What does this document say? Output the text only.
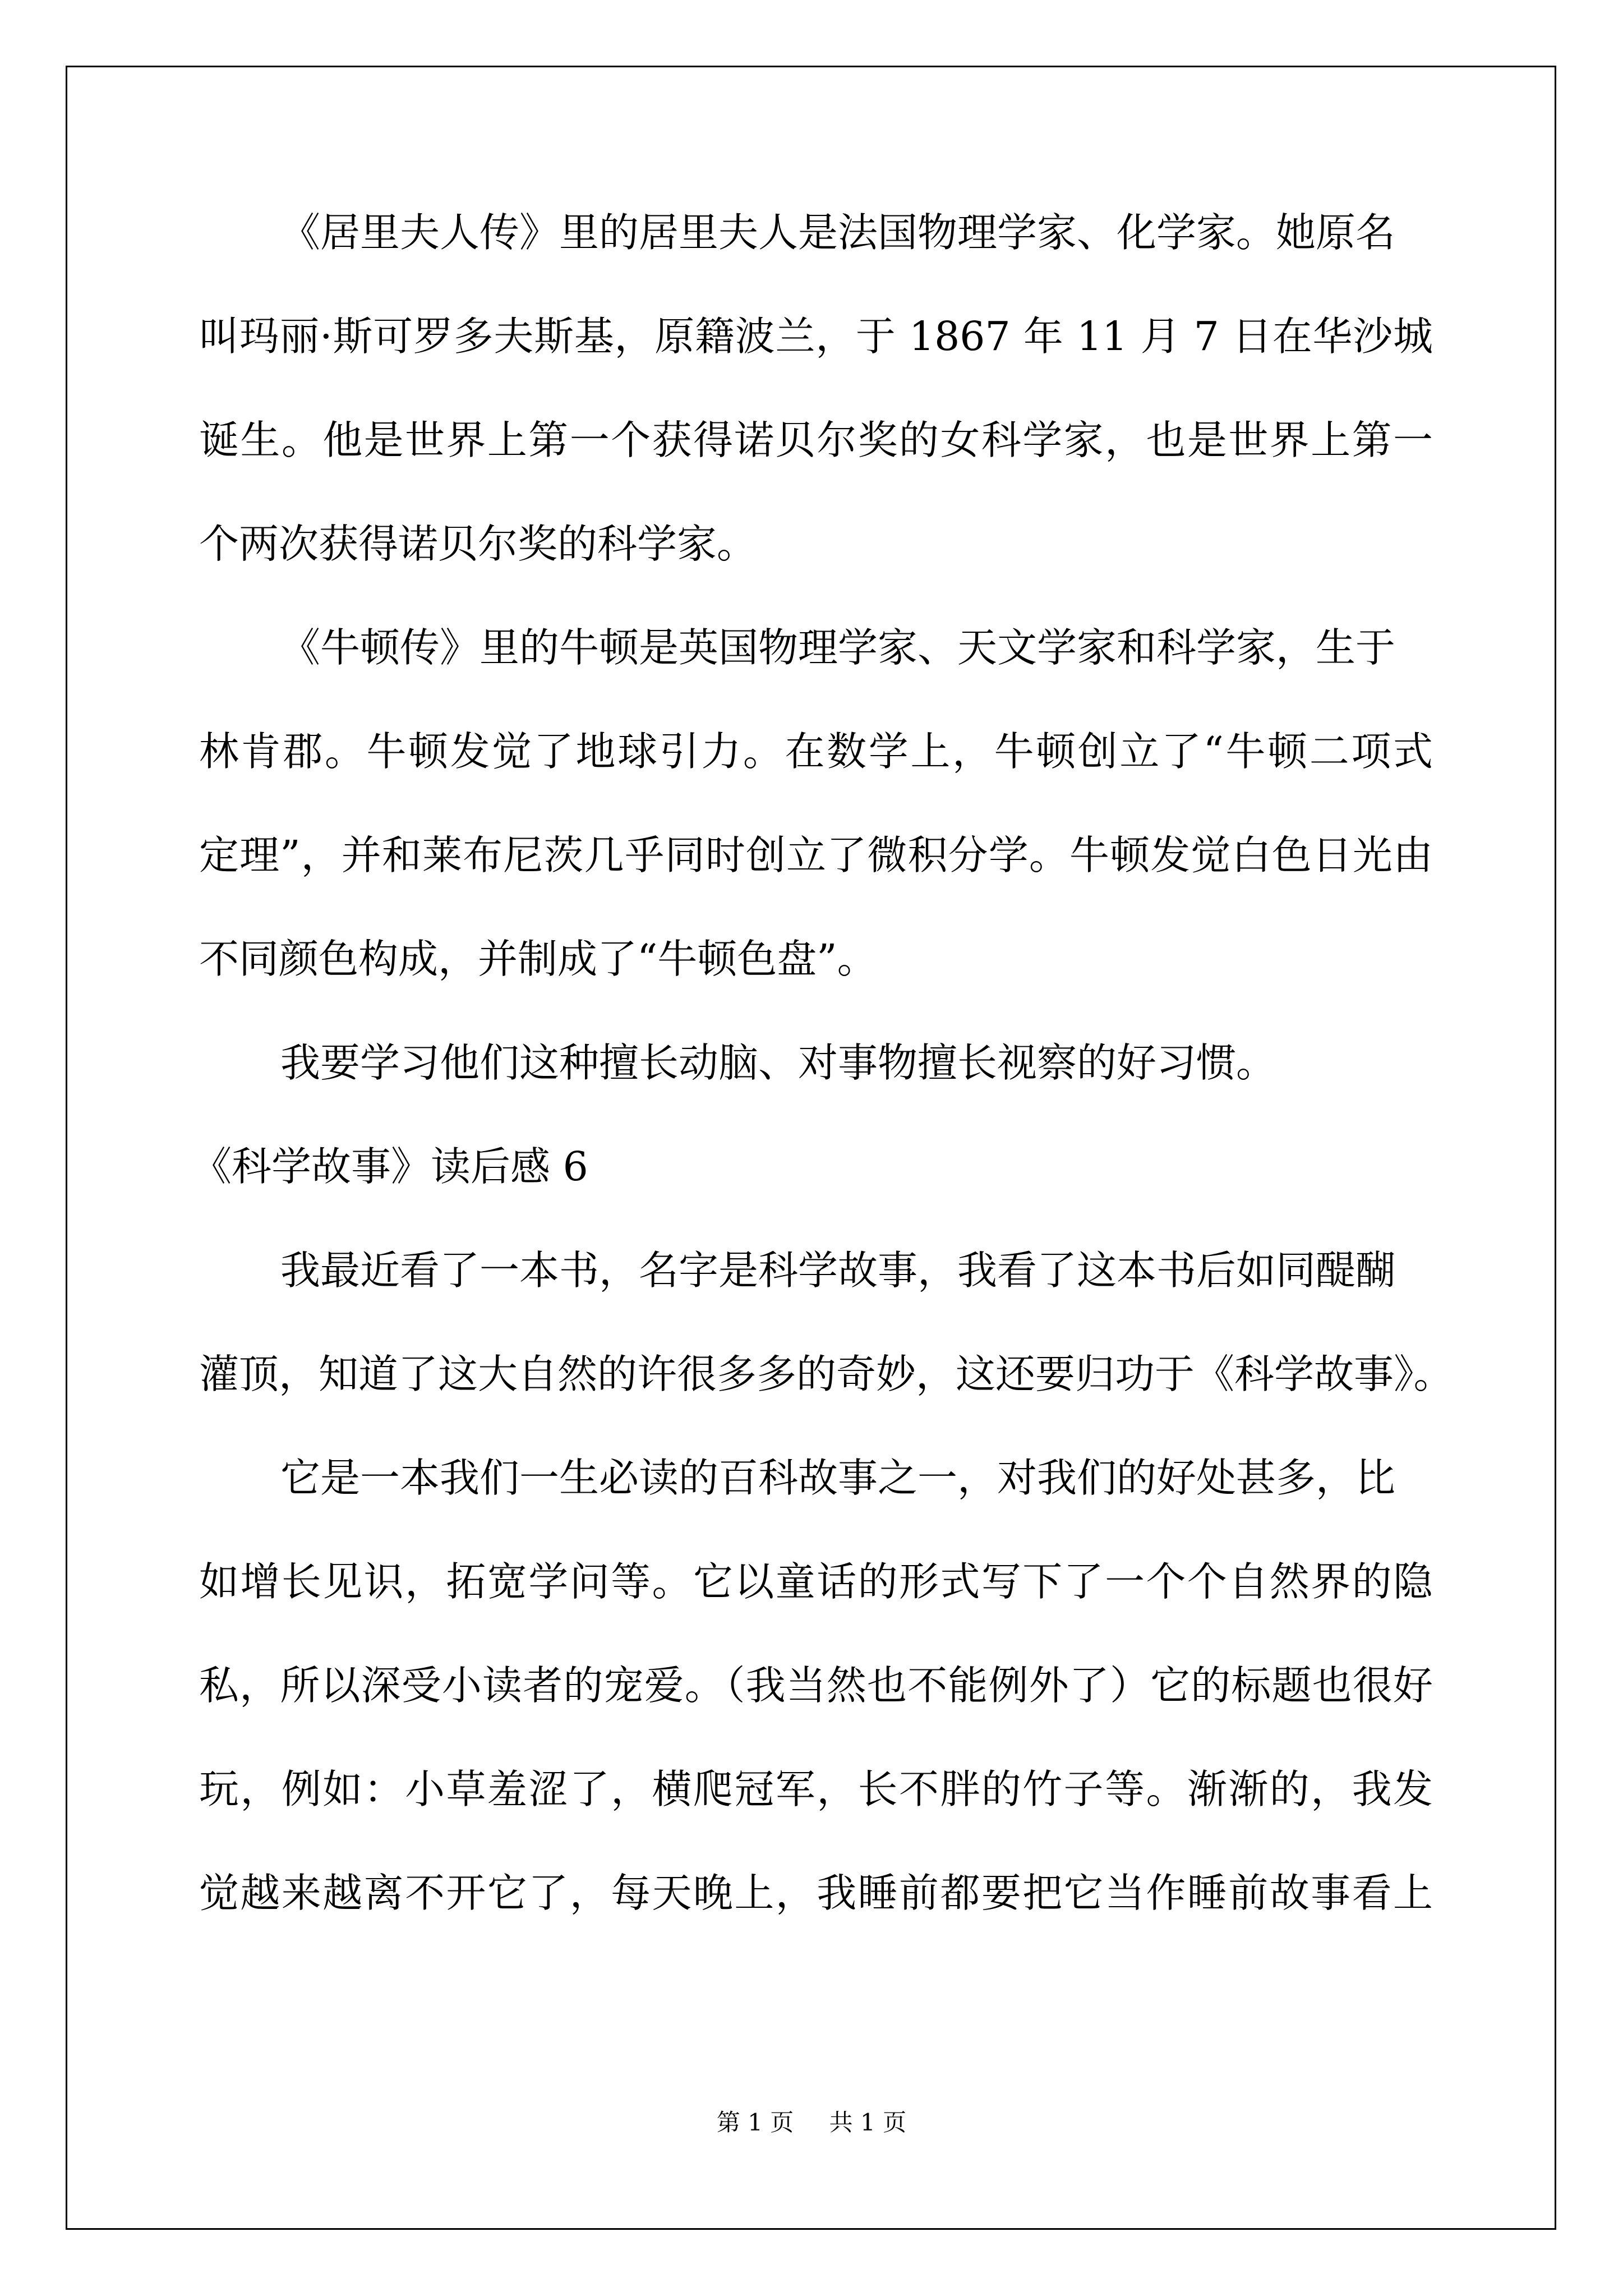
《居里夫人传》里的居里夫人是法国物理学家、化学家。她原名
叫玛丽·斯可罗多夫斯基，原籍波兰，于 1867 年 11 月 7 日在华沙城
诞生。他是世界上第一个获得诺贝尔奖的女科学家，也是世界上第一
个两次获得诺贝尔奖的科学家。
《牛顿传》里的牛顿是英国物理学家、天文学家和科学家，生于
林肯郡。牛顿发觉了地球引力。在数学上，牛顿创立了“牛顿二项式
定理”，并和莱布尼茨几乎同时创立了微积分学。牛顿发觉白色日光由
不同颜色构成，并制成了“牛顿色盘”。
我要学习他们这种擅长动脑、对事物擅长视察的好习惯。
《科学故事》读后感 6
我最近看了一本书，名字是科学故事，我看了这本书后如同醍醐
灌顶，知道了这大自然的许很多多的奇妙，这还要归功于《科学故事》。
它是一本我们一生必读的百科故事之一，对我们的好处甚多，比
如增长见识，拓宽学问等。它以童话的形式写下了一个个自然界的隐
私，所以深受小读者的宠爱。（我当然也不能例外了）它的标题也很好
玩，例如：小草羞涩了，横爬冠军，长不胖的竹子等。渐渐的，我发
觉越来越离不开它了，每天晚上，我睡前都要把它当作睡前故事看上
第 1 页 共 1 页
